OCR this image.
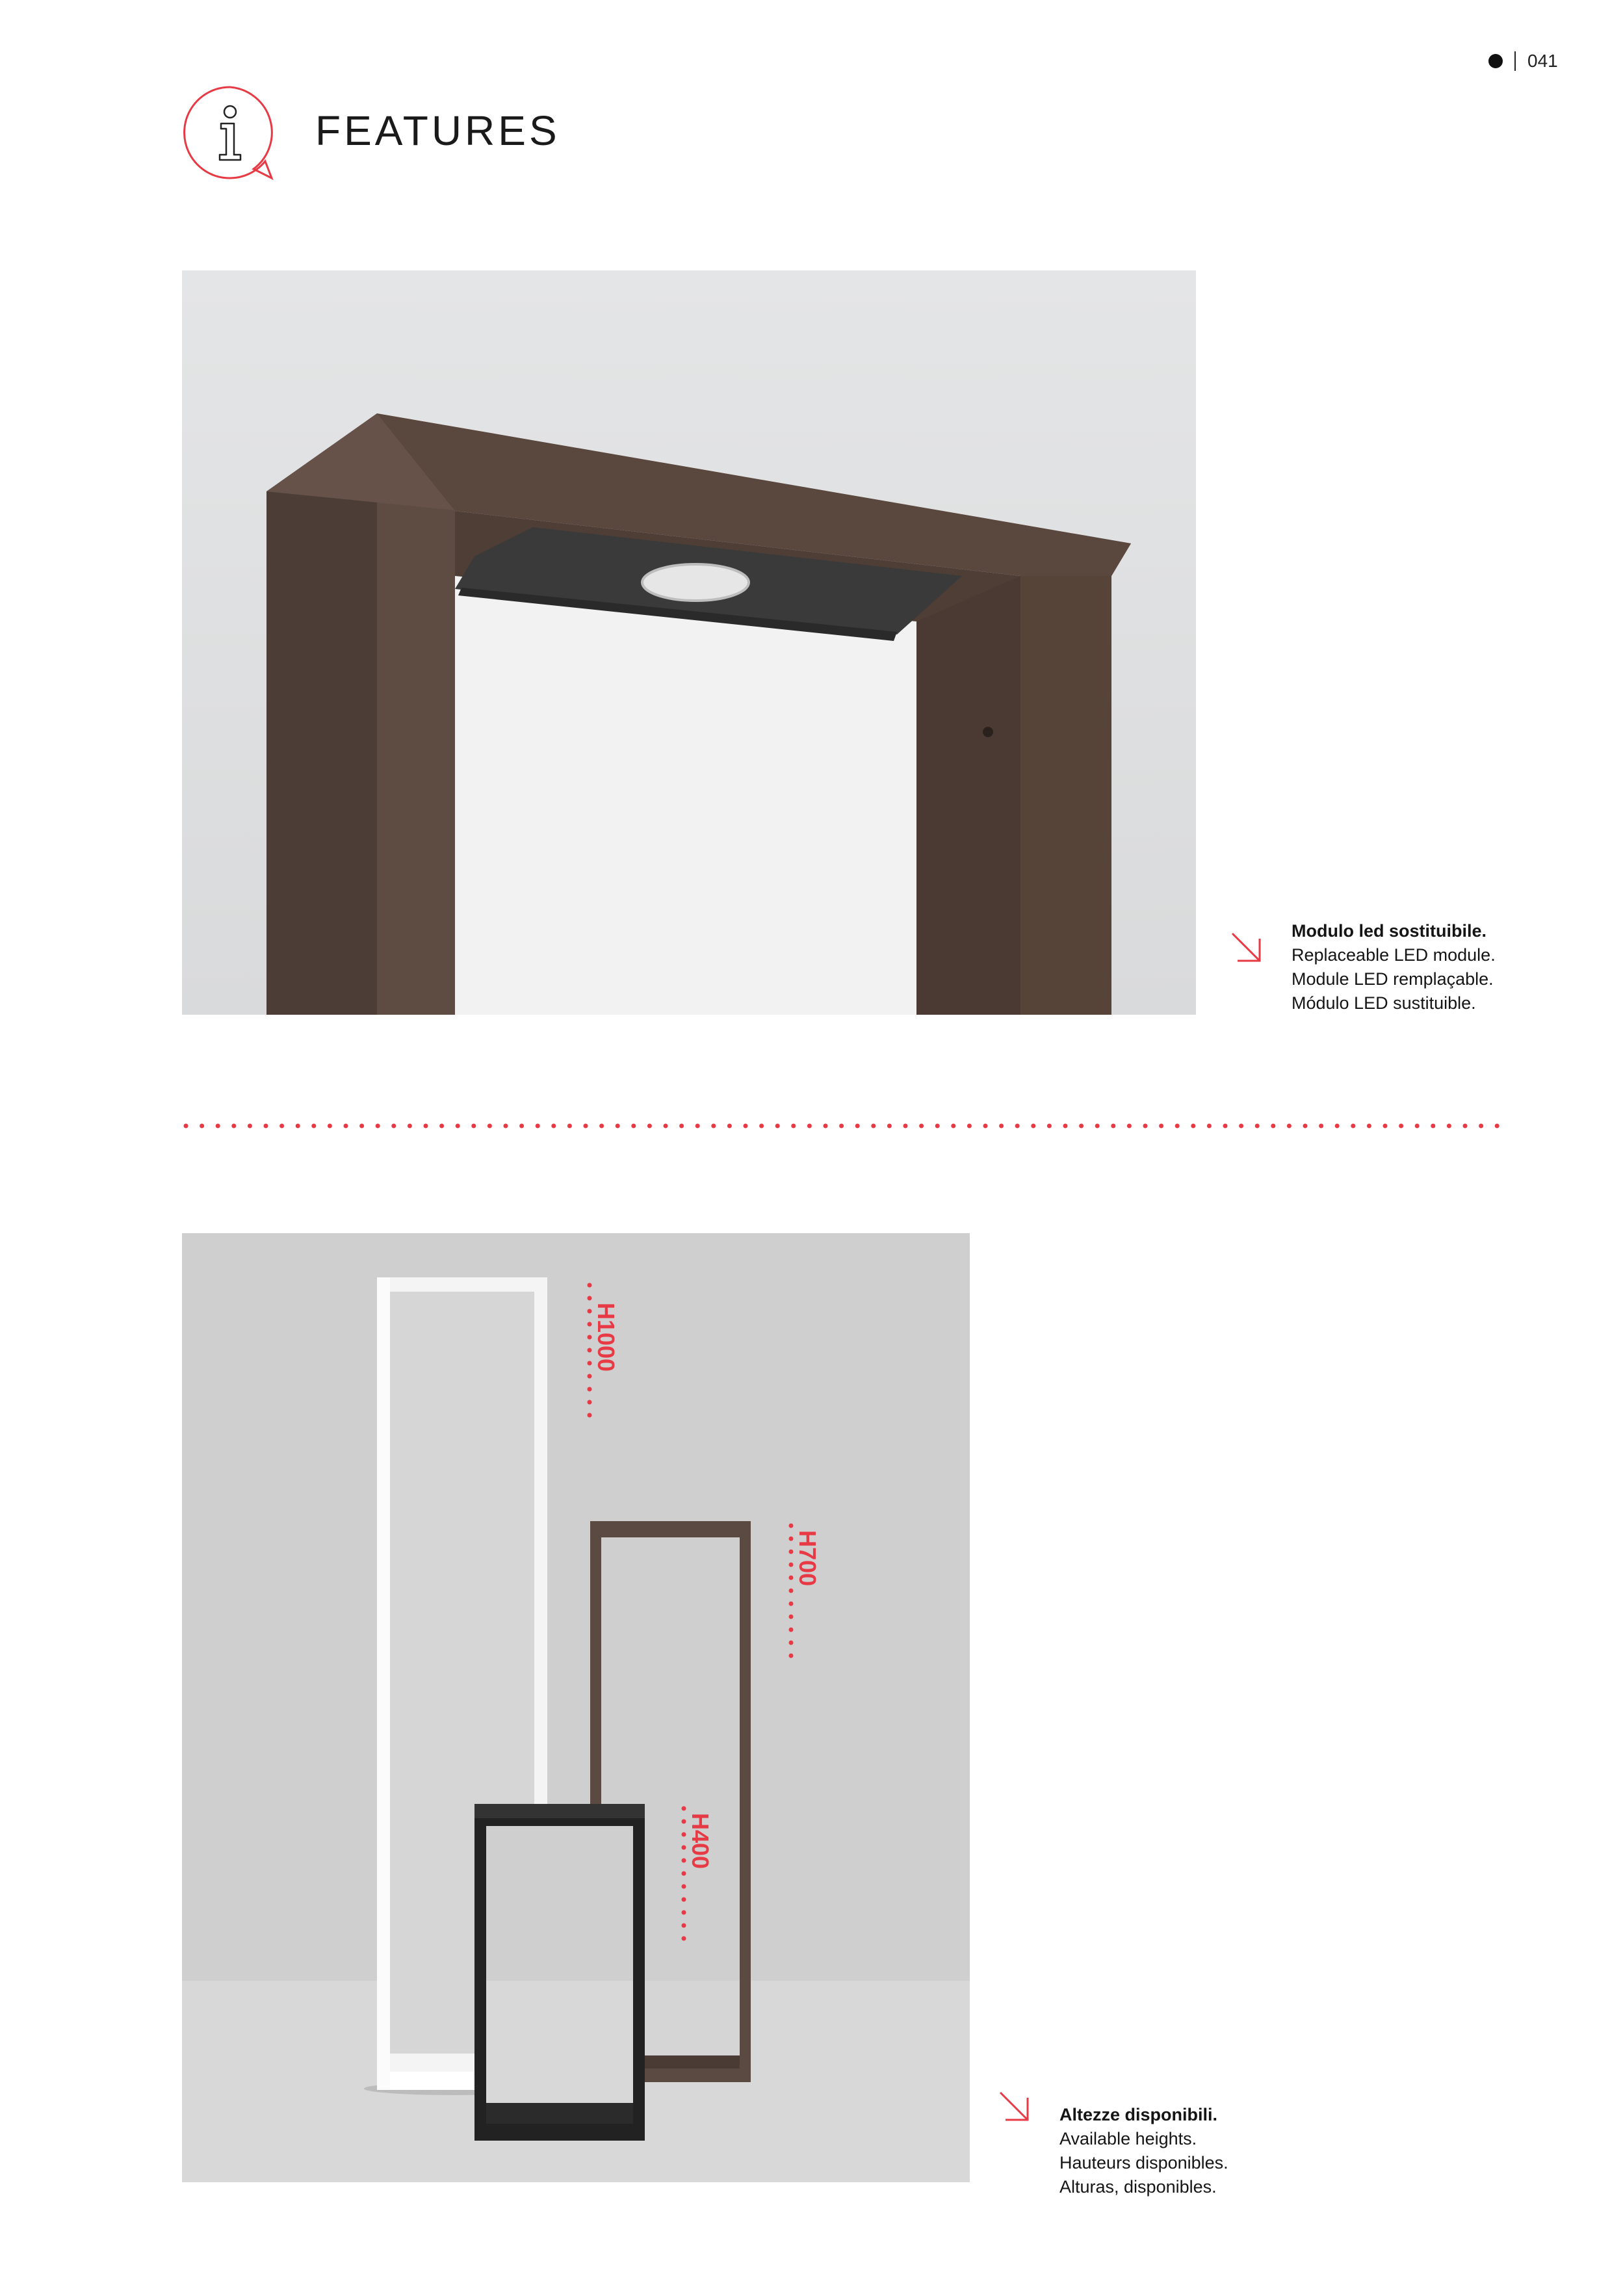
041
FEATURES
Modulo led sostituibile.
Replaceable LED module.
Module LED remplaçable.
Módulo LED sustituible.
H1000
H700
H400
Altezze disponibili.
Available heights.
Hauteurs disponibles.
Alturas, disponibles.
